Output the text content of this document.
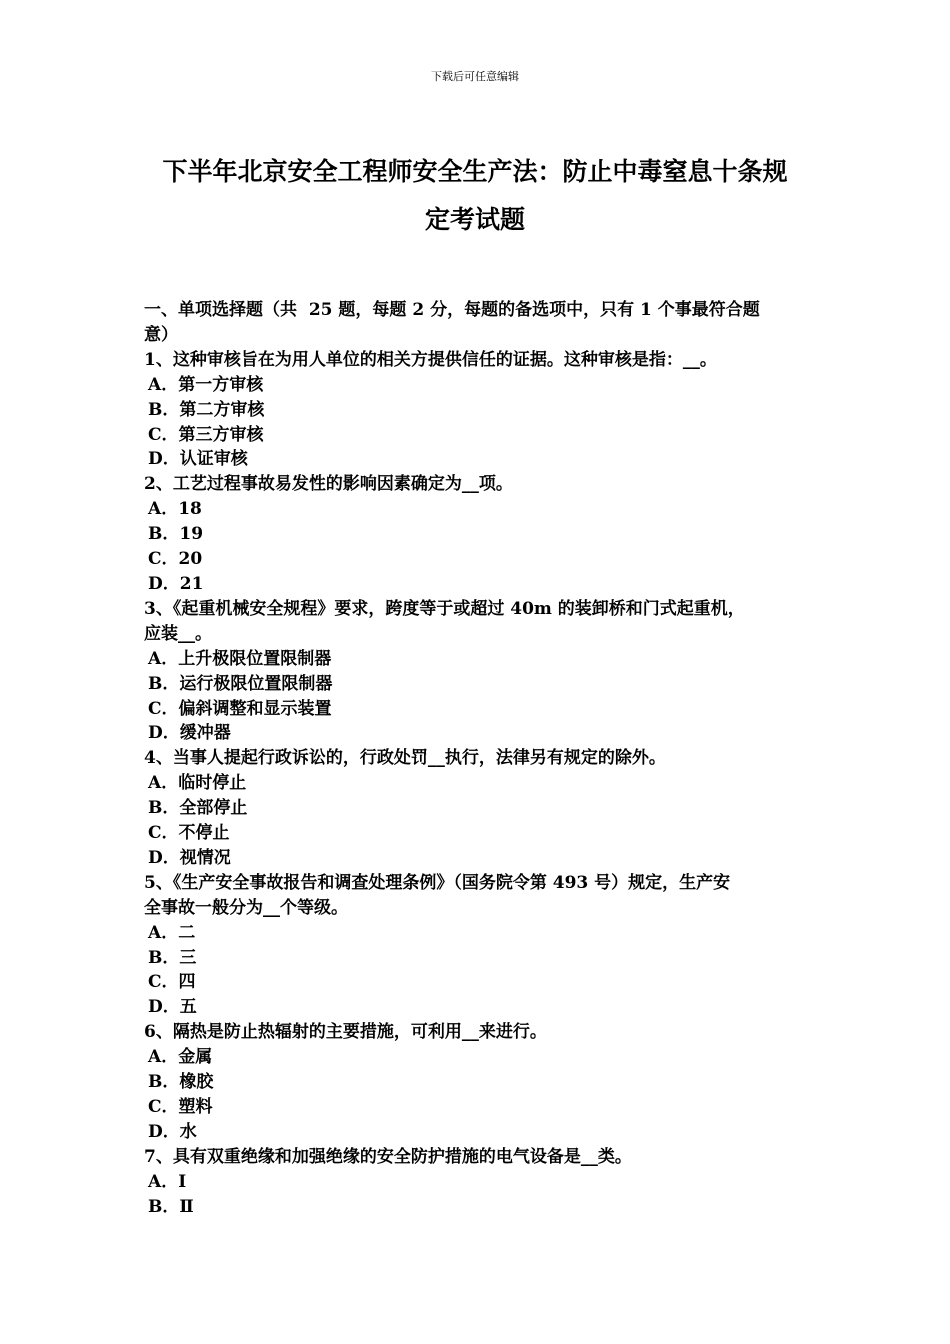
下载后可任意编辑
下半年北京安全工程师安全生产法：防止中毒窒息十条规
定考试题
一、单项选择题（共  25 题，每题 2 分，每题的备选项中，只有 1 个事最符合题
意）
1、这种审核旨在为用人单位的相关方提供信任的证据。这种审核是指：__。
A．第一方审核
B．第二方审核
C．第三方审核
D．认证审核
2、工艺过程事故易发性的影响因素确定为__项。
A．18
B．19
C．20
D．21
3、《起重机械安全规程》要求，跨度等于或超过 40m 的装卸桥和门式起重机，
应装__。
A．上升极限位置限制器
B．运行极限位置限制器
C．偏斜调整和显示装置
D．缓冲器
4、当事人提起行政诉讼的，行政处罚__执行，法律另有规定的除外。
A．临时停止
B．全部停止
C．不停止
D．视情况
5、《生产安全事故报告和调查处理条例》（国务院令第 493 号）规定，生产安
全事故一般分为__个等级。
A．二
B．三
C．四
D．五
6、隔热是防止热辐射的主要措施，可利用__来进行。
A．金属
B．橡胶
C．塑料
D．水
7、具有双重绝缘和加强绝缘的安全防护措施的电气设备是__类。
A．Ⅰ
B．Ⅱ
